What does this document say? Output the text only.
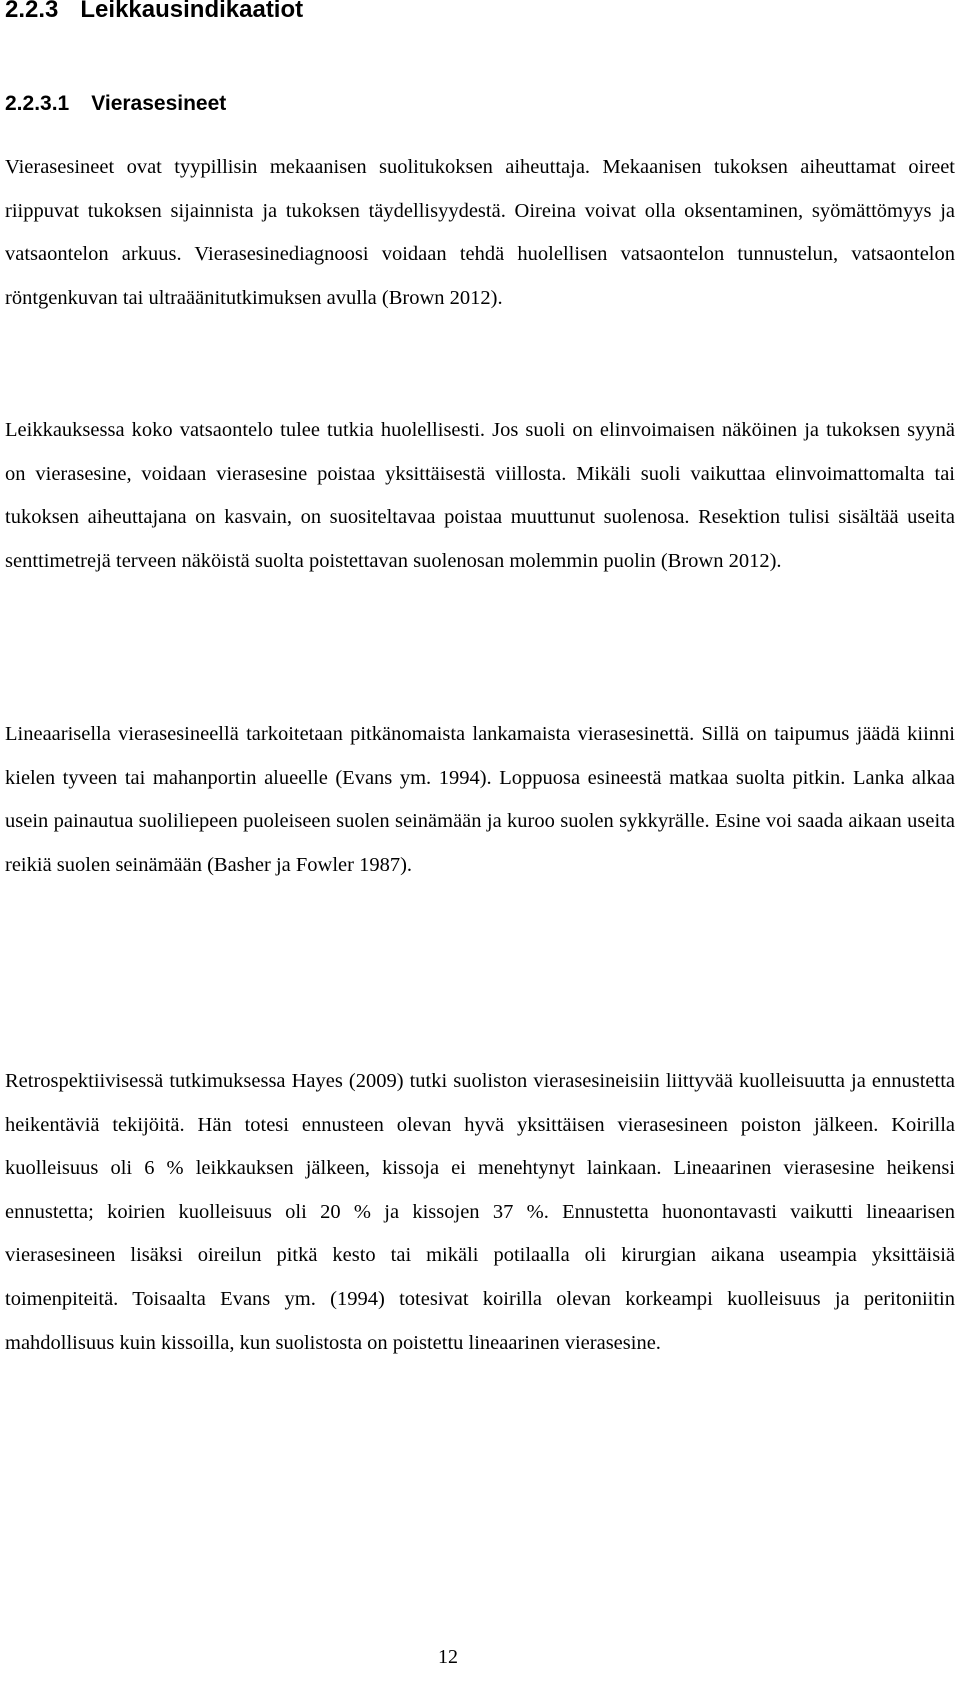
2.2.3 Leikkausindikaatiot
2.2.3.1 Vierasesineet

Vierasesineet ovat tyypillisin mekaanisen suolitukoksen aiheuttaja. Mekaanisen tukoksen aiheuttamat oireet riippuvat tukoksen sijainnista ja tukoksen täydellisyydestä. Oireina voivat olla oksentaminen, syömättömyys ja vatsaontelon arkuus. Vierasesinediagnoosi voidaan tehdä huolellisen vatsaontelon tunnustelun, vatsaontelon röntgenkuvan tai ultraäänitutkimuksen avulla (Brown 2012).

Leikkauksessa koko vatsaontelo tulee tutkia huolellisesti. Jos suoli on elinvoimaisen näköinen ja tukoksen syynä on vierasesine, voidaan vierasesine poistaa yksittäisestä viillosta. Mikäli suoli vaikuttaa elinvoimattomalta tai tukoksen aiheuttajana on kasvain, on suositeltavaa poistaa muuttunut suolenosa. Resektion tulisi sisältää useita senttimetrejä terveen näköistä suolta poistettavan suolenosan molemmin puolin (Brown 2012).

Lineaarisella vierasesineellä tarkoitetaan pitkänomaista lankamaista vierasesinettä. Sillä on taipumus jäädä kiinni kielen tyveen tai mahanportin alueelle (Evans ym. 1994). Loppuosa esineestä matkaa suolta pitkin. Lanka alkaa usein painautua suoliliepeen puoleiseen suolen seinämään ja kuroo suolen sykkyrälle. Esine voi saada aikaan useita reikiä suolen seinämään (Basher ja Fowler 1987).

Retrospektiivisessä tutkimuksessa Hayes (2009) tutki suoliston vierasesineisiin liittyvää kuolleisuutta ja ennustetta heikentäviä tekijöitä. Hän totesi ennusteen olevan hyvä yksittäisen vierasesineen poiston jälkeen. Koirilla kuolleisuus oli 6 % leikkauksen jälkeen, kissoja ei menehtynyt lainkaan. Lineaarinen vierasesine heikensi ennustetta; koirien kuolleisuus oli 20 % ja kissojen 37 %. Ennustetta huonontavasti vaikutti lineaarisen vierasesineen lisäksi oireilun pitkä kesto tai mikäli potilaalla oli kirurgian aikana useampia yksittäisiä toimenpiteitä. Toisaalta Evans ym. (1994) totesivat koirilla olevan korkeampi kuolleisuus ja peritoniitin mahdollisuus kuin kissoilla, kun suolistosta on poistettu lineaarinen vierasesine.

12
